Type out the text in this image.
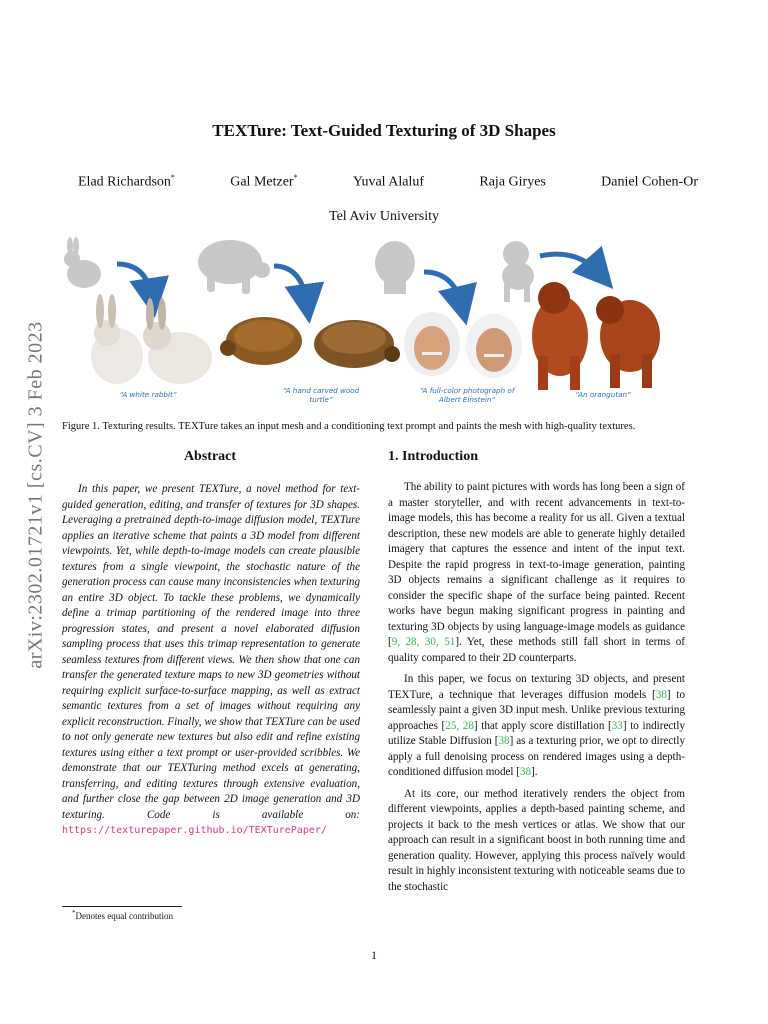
arXiv:2302.01721v1 [cs.CV] 3 Feb 2023
TEXTure: Text-Guided Texturing of 3D Shapes
Elad Richardson*	Gal Metzer*	Yuval Alaluf	Raja Giryes	Daniel Cohen-Or
Tel Aviv University
“A white rabbit”	“A hand carved wood turtle”
“A full-color photograph of Albert Einstein”
“An orangutan”
Figure 1. Texturing results. TEXTure takes an input mesh and a conditioning text prompt and paints the mesh with high-quality textures.
Abstract
In this paper, we present TEXTure, a novel method for text-guided generation, editing, and transfer of textures for 3D shapes. Leveraging a pretrained depth-to-image diffusion model, TEXTure applies an iterative scheme that paints a 3D model from different viewpoints. Yet, while depth-to-image models can create plausible textures from a single viewpoint, the stochastic nature of the generation process can cause many inconsistencies when texturing an entire 3D object. To tackle these problems, we dynamically define a trimap partitioning of the rendered image into three progression states, and present a novel elaborated diffusion sampling process that uses this trimap representation to generate seamless textures from different views. We then show that one can transfer the generated texture maps to new 3D geometries without requiring explicit surface-to-surface mapping, as well as extract semantic textures from a set of images without requiring any explicit reconstruction. Finally, we show that TEXTure can be used to not only generate new textures but also edit and refine existing textures using either a text prompt or user-provided scribbles. We demonstrate that our TEXTuring method excels at generating, transferring, and editing textures through extensive evaluation, and further close the gap between 2D image generation and 3D texturing. Code is available on: https://texturepaper.github.io/TEXTurePaper/
1. Introduction

The ability to paint pictures with words has long been a sign of a master storyteller, and with recent advancements in text-to-image models, this has become a reality for us all. Given a textual description, these new models are able to generate highly detailed imagery that captures the essence and intent of the input text. Despite the rapid progress in text-to-image generation, painting 3D objects remains a significant challenge as it requires to consider the specific shape of the surface being painted. Recent works have begun making significant progress in painting and texturing 3D objects by using language-image models as guidance [9, 28, 30, 51]. Yet, these methods still fall short in terms of quality compared to their 2D counterparts.

In this paper, we focus on texturing 3D objects, and present TEXTure, a technique that leverages diffusion models [38] to seamlessly paint a given 3D input mesh. Unlike previous texturing approaches [25, 28] that apply score distillation [33] to indirectly utilize Stable Diffusion [38] as a texturing prior, we opt to directly apply a full denoising process on rendered images using a depth-conditioned diffusion model [38].

At its core, our method iteratively renders the object from different viewpoints, applies a depth-based painting scheme, and projects it back to the mesh vertices or atlas. We show that our approach can result in a significant boost in both running time and generation quality. However, applying this process naïvely would result in highly inconsistent texturing with noticeable seams due to the stochastic

*Denotes equal contribution
1
